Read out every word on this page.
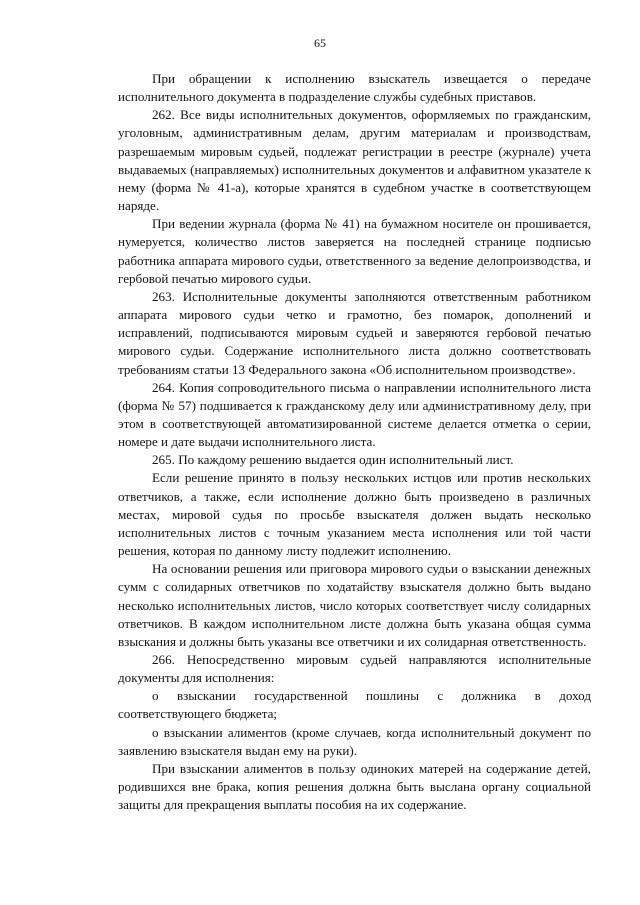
65

При обращении к исполнению взыскатель извещается о передаче исполнительного документа в подразделение службы судебных приставов.

262. Все виды исполнительных документов, оформляемых по гражданским, уголовным, административным делам, другим материалам и производствам, разрешаемым мировым судьей, подлежат регистрации в реестре (журнале) учета выдаваемых (направляемых) исполнительных документов и алфавитном указателе к нему (форма № 41-а), которые хранятся в судебном участке в соответствующем наряде.

При ведении журнала (форма № 41) на бумажном носителе он прошивается, нумеруется, количество листов заверяется на последней странице подписью работника аппарата мирового судьи, ответственного за ведение делопроизводства, и гербовой печатью мирового судьи.

263. Исполнительные документы заполняются ответственным работником аппарата мирового судьи четко и грамотно, без помарок, дополнений и исправлений, подписываются мировым судьей и заверяются гербовой печатью мирового судьи. Содержание исполнительного листа должно соответствовать требованиям статьи 13 Федерального закона «Об исполнительном производстве».

264. Копия сопроводительного письма о направлении исполнительного листа (форма № 57) подшивается к гражданскому делу или административному делу, при этом в соответствующей автоматизированной системе делается отметка о серии, номере и дате выдачи исполнительного листа.

265. По каждому решению выдается один исполнительный лист.

Если решение принято в пользу нескольких истцов или против нескольких ответчиков, а также, если исполнение должно быть произведено в различных местах, мировой судья по просьбе взыскателя должен выдать несколько исполнительных листов с точным указанием места исполнения или той части решения, которая по данному листу подлежит исполнению.

На основании решения или приговора мирового судьи о взыскании денежных сумм с солидарных ответчиков по ходатайству взыскателя должно быть выдано несколько исполнительных листов, число которых соответствует числу солидарных ответчиков. В каждом исполнительном листе должна быть указана общая сумма взыскания и должны быть указаны все ответчики и их солидарная ответственность.

266. Непосредственно мировым судьей направляются исполнительные документы для исполнения:

о взыскании государственной пошлины с должника в доход соответствующего бюджета;

о взыскании алиментов (кроме случаев, когда исполнительный документ по заявлению взыскателя выдан ему на руки).

При взыскании алиментов в пользу одиноких матерей на содержание детей, родившихся вне брака, копия решения должна быть выслана органу социальной защиты для прекращения выплаты пособия на их содержание.
